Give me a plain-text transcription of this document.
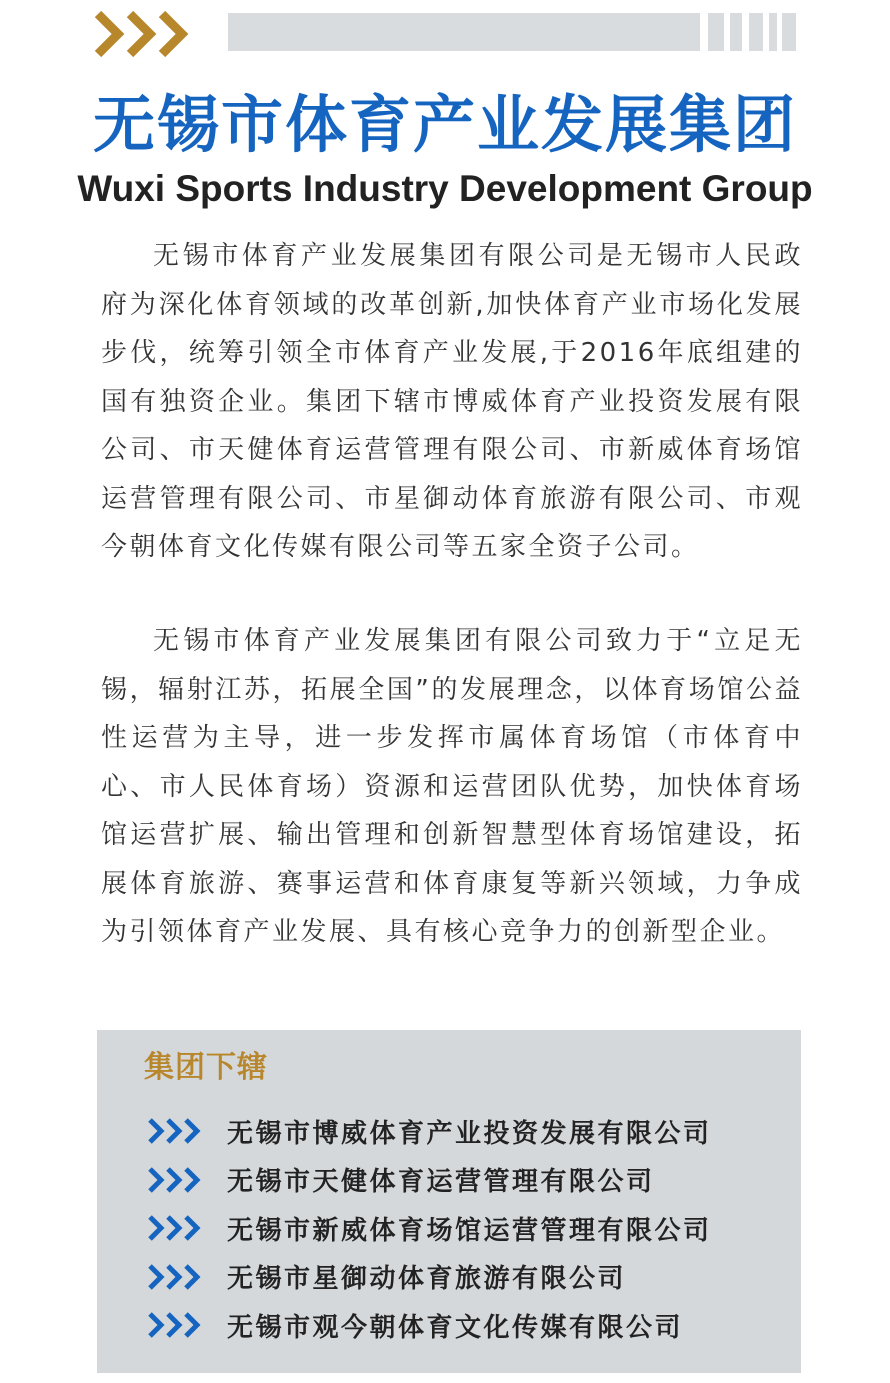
无锡市体育产业发展集团
Wuxi Sports Industry Development Group

无锡市体育产业发展集团有限公司是无锡市人民政府为深化体育领域的改革创新,加快体育产业市场化发展步伐，统筹引领全市体育产业发展,于2016年底组建的国有独资企业。集团下辖市博威体育产业投资发展有限公司、市天健体育运营管理有限公司、市新威体育场馆运营管理有限公司、市星御动体育旅游有限公司、市观今朝体育文化传媒有限公司等五家全资子公司。

无锡市体育产业发展集团有限公司致力于“立足无锡，辐射江苏，拓展全国”的发展理念，以体育场馆公益性运营为主导，进一步发挥市属体育场馆（市体育中心、市人民体育场）资源和运营团队优势，加快体育场馆运营扩展、输出管理和创新智慧型体育场馆建设，拓展体育旅游、赛事运营和体育康复等新兴领域，力争成为引领体育产业发展、具有核心竞争力的创新型企业。

集团下辖
无锡市博威体育产业投资发展有限公司
无锡市天健体育运营管理有限公司
无锡市新威体育场馆运营管理有限公司
无锡市星御动体育旅游有限公司
无锡市观今朝体育文化传媒有限公司
